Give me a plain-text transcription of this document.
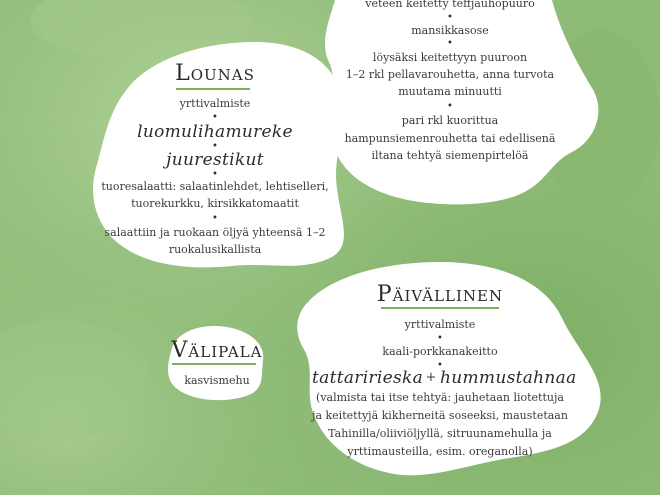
veteen keitetty teffjauhopuuro
•
mansikkasose
•
löysäksi keitettyyn puuroon
1–2 rkl pellavarouhetta, anna turvota
muutama minuutti
•
pari rkl kuorittua
hampunsiemenrouhetta tai edellisenä
iltana tehtyä siemenpirtelöä
Lounas
yrttivalmiste
•
luomulihamureke
•
juurestikut
•
tuoresalaatti: salaatinlehdet, lehtiselleri,
tuorekurkku, kirsikkatomaatit
•
salaattiin ja ruokaan öljyä yhteensä 1–2
ruokalusikallista
Välipala
kasvismehu
Päivällinen
yrttivalmiste
•
kaali-porkkanakeitto
•
tattaririeska + hummustahnaa
(valmista tai itse tehtyä: jauhetaan liotettuja
ja keitettyjä kikherneitä soseeksi, maustetaan
Tahinilla/oliiviöljyllä, sitruunamehulla ja
yrttimausteilla, esim. oreganolla)
